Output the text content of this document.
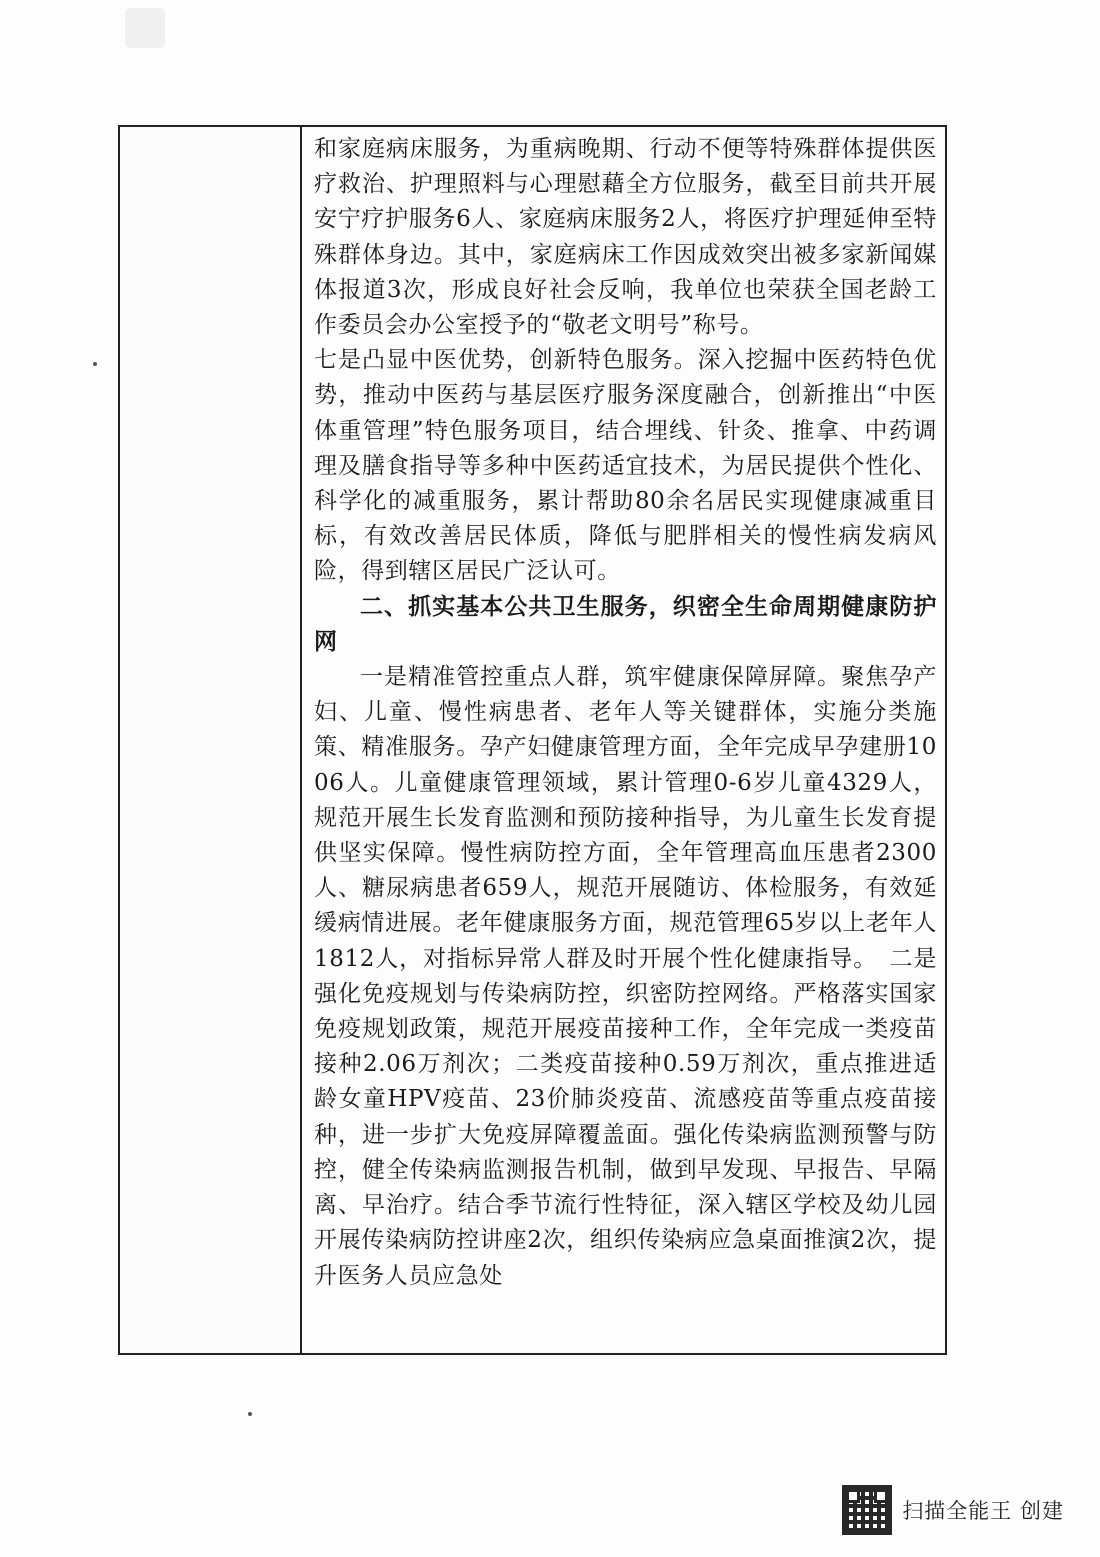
和家庭病床服务，为重病晚期、行动不便等特殊群体提供医疗救治、护理照料与心理慰藉全方位服务，截至目前共开展安宁疗护服务6人、家庭病床服务2人，将医疗护理延伸至特殊群体身边。其中，家庭病床工作因成效突出被多家新闻媒体报道3次，形成良好社会反响，我单位也荣获全国老龄工作委员会办公室授予的“敬老文明号”称号。

七是凸显中医优势，创新特色服务。深入挖掘中医药特色优势，推动中医药与基层医疗服务深度融合，创新推出“中医体重管理”特色服务项目，结合埋线、针灸、推拿、中药调理及膳食指导等多种中医药适宜技术，为居民提供个性化、科学化的减重服务，累计帮助80余名居民实现健康减重目标，有效改善居民体质，降低与肥胖相关的慢性病发病风险，得到辖区居民广泛认可。

二、抓实基本公共卫生服务，织密全生命周期健康防护网

一是精准管控重点人群，筑牢健康保障屏障。聚焦孕产妇、儿童、慢性病患者、老年人等关键群体，实施分类施策、精准服务。孕产妇健康管理方面，全年完成早孕建册1006人。儿童健康管理领域，累计管理0-6岁儿童4329人，规范开展生长发育监测和预防接种指导，为儿童生长发育提供坚实保障。慢性病防控方面，全年管理高血压患者2300人、糖尿病患者659人，规范开展随访、体检服务，有效延缓病情进展。老年健康服务方面，规范管理65岁以上老年人1812人，对指标异常人群及时开展个性化健康指导。　二是强化免疫规划与传染病防控，织密防控网络。严格落实国家免疫规划政策，规范开展疫苗接种工作，全年完成一类疫苗接种2.06万剂次；二类疫苗接种0.59万剂次，重点推进适龄女童HPV疫苗、23价肺炎疫苗、流感疫苗等重点疫苗接种，进一步扩大免疫屏障覆盖面。强化传染病监测预警与防控，健全传染病监测报告机制，做到早发现、早报告、早隔离、早治疗。结合季节流行性特征，深入辖区学校及幼儿园开展传染病防控讲座2次，组织传染病应急桌面推演2次，提升医务人员应急处

扫描全能王 创建
